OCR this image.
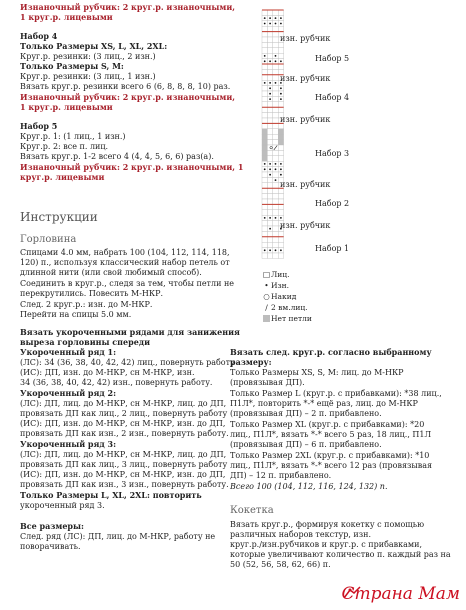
Изнаночный рубчик: 2 круг.р. изнаночными,
1 круг.р. лицевыми
Набор 4
Только Размеры XS, L, XL, 2XL:
Круг.р. резинки: (3 лиц., 2 изн.)
Только Размеры S, M:
Круг.р. резинки: (3 лиц., 1 изн.)
Вязать круг.р. резинки всего 6 (6, 8, 8, 8, 10) раз.
Изнаночный рубчик: 2 круг.р. изнаночными,
1 круг.р. лицевыми
Набор 5
Круг.р. 1: (1 лиц., 1 изн.)
Круг.р. 2: все п. лиц.
Вязать круг.р. 1-2 всего 4 (4, 4, 5, 6, 6) раз(а).
Изнаночный рубчик: 2 круг.р. изнаночными, 1
круг.р. лицевыми
Инструкции
Горловина
Спицами 4.0 мм, набрать 100 (104, 112, 114, 118,
120) п., используя классический набор петель от
длинной нити (или свой любимый способ).
Соединить в круг.р., следя за тем, чтобы петли не
перекрутились. Повесить М-НКР.
След. 2 круг.р.: изн. до М-НКР.
Перейти на спицы 5.0 мм.
Вязать укороченными рядами для занижения
выреза горловины спереди
Укороченный ряд 1:
(ЛС): 34 (36, 38, 40, 42, 42) лиц., повернуть работу
(ИС): ДП, изн. до М-НКР, сн М-НКР, изн.
34 (36, 38, 40, 42, 42) изн., повернуть работу.
Укороченный ряд 2:
(ЛС): ДП, лиц. до М-НКР, сн М-НКР, лиц. до ДП,
провязать ДП как лиц., 2 лиц., повернуть работу
(ИС): ДП, изн. до М-НКР, сн М-НКР, изн. до ДП,
провязать ДП как изн., 2 изн., повернуть работу.
Укороченный ряд 3:
(ЛС): ДП, лиц. до М-НКР, сн М-НКР, лиц. до ДП,
провязать ДП как лиц., 3 лиц., повернуть работу
(ИС): ДП, изн. до М-НКР, сн М-НКР, изн. до ДП,
провязать ДП как изн., 3 изн., повернуть работу.
Только Размеры L, XL, 2XL: повторить
укороченный ряд 3.
Все размеры:
След. ряд (ЛС): ДП, лиц. до М-НКР, работу не
поворачивать.
изн. рубчик
Набор 5
изн. рубчик
Набор 4
изн. рубчик
Набор 3
изн. рубчик
Набор 2
изн. рубчик
Набор 1
□Лиц.
• Изн.
○Накид
∕ 2 вм.лиц.
Нет петли
Вязать след. круг.р. согласно выбранному
размеру:
Только Размеры XS, S, M: лиц. до М-НКР
(провязывая ДП).
Только Размер L (круг.р. с прибавками): *38 лиц.,
П1Л*, повторить *-* ещё раз, лиц. до М-НКР
(провязывая ДП) – 2 п. прибавлено.
Только Размер XL (круг.р. с прибавками): *20
лиц., П1Л*, вязать *-* всего 5 раз, 18 лиц., П1Л
(провязывая ДП) – 6 п. прибавлено.
Только Размер 2XL (круг.р. с прибавками): *10
лиц., П1Л*, вязать *-* всего 12 раз (провязывая
ДП) – 12 п. прибавлено.
Всего 100 (104, 112, 116, 124, 132) п.
Кокетка
Вязать круг.р., формируя кокетку с помощью
различных наборов текстур, изн.
круг.р./изн.рубчиков и круг.р. с прибавками,
которые увеличивают количество п. каждый раз на
50 (52, 56, 58, 62, 66) п.
Страна Мам
